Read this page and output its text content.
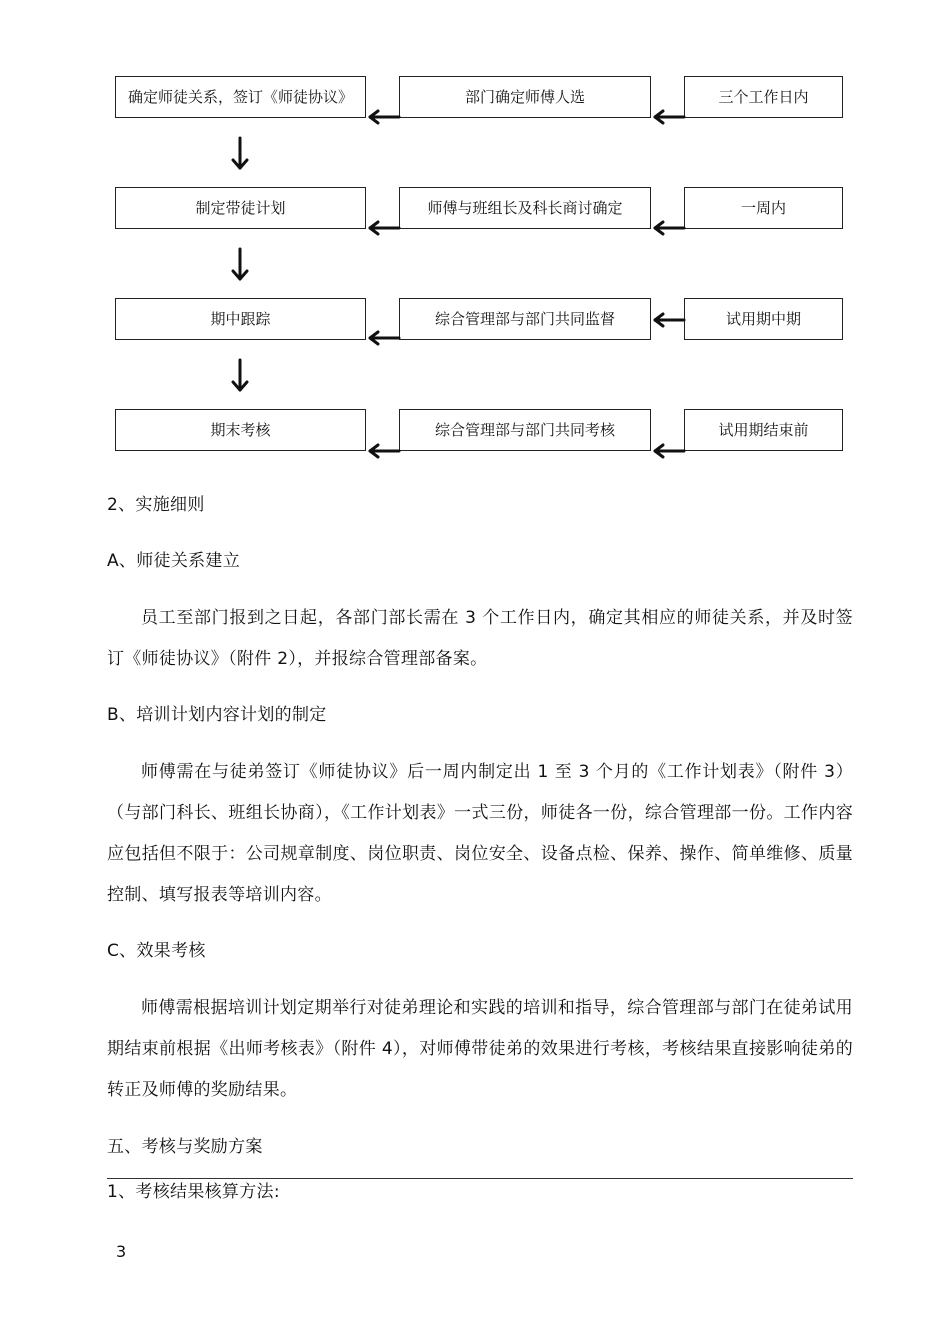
确定师徒关系，签订《师徒协议》	部门确定师傅人选	三个工作日内
制定带徒计划	师傅与班组长及科长商讨确定	一周内
期中跟踪	综合管理部与部门共同监督	试用期中期
期末考核	综合管理部与部门共同考核	试用期结束前
2、实施细则
A、师徒关系建立

员工至部门报到之日起，各部门部长需在 3 个工作日内，确定其相应的师徒关系，并及时签订《师徒协议》（附件 2），并报综合管理部备案。

B、培训计划内容计划的制定

师傅需在与徒弟签订《师徒协议》后一周内制定出 1 至 3 个月的《工作计划表》（附件 3）（与部门科长、班组长协商），《工作计划表》一式三份，师徒各一份，综合管理部一份。工作内容应包括但不限于：公司规章制度、岗位职责、岗位安全、设备点检、保养、操作、简单维修、质量控制、填写报表等培训内容。

C、效果考核

师傅需根据培训计划定期举行对徒弟理论和实践的培训和指导，综合管理部与部门在徒弟试用期结束前根据《出师考核表》（附件 4），对师傅带徒弟的效果进行考核，考核结果直接影响徒弟的转正及师傅的奖励结果。

五、考核与奖励方案
1、考核结果核算方法:
3
